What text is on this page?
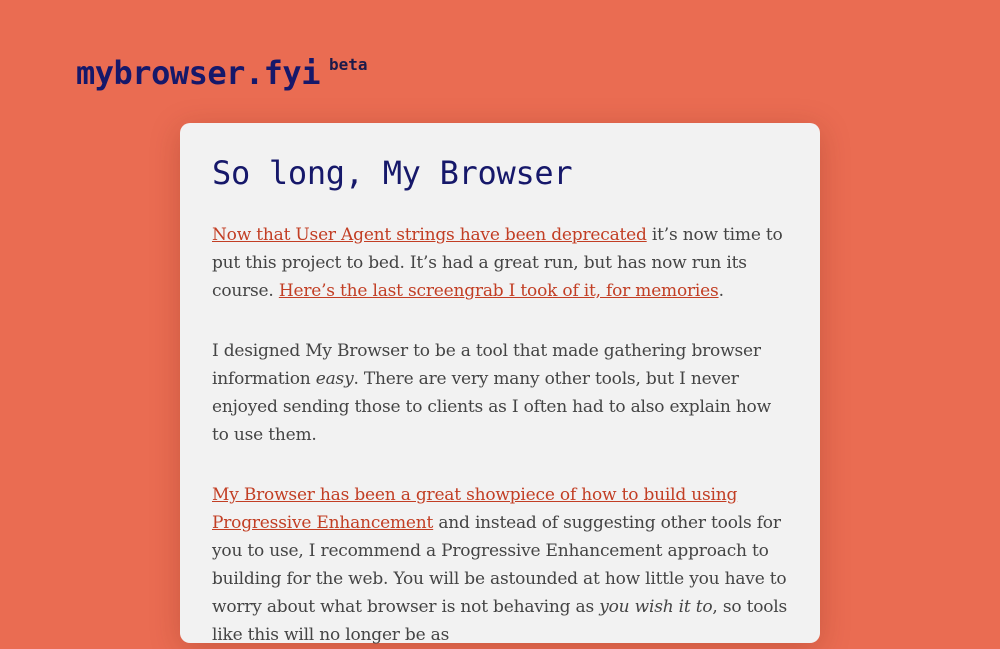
mybrowser.fyi beta
So long, My Browser

Now that User Agent strings have been deprecated it’s now time to put this project to bed. It’s had a great run, but has now run its course. Here’s the last screengrab I took of it, for memories.

I designed My Browser to be a tool that made gathering browser information easy. There are very many other tools, but I never enjoyed sending those to clients as I often had to also explain how to use them.

My Browser has been a great showpiece of how to build using Progressive Enhancement and instead of suggesting other tools for you to use, I recommend a Progressive Enhancement approach to building for the web. You will be astounded at how little you have to worry about what browser is not behaving as you wish it to, so tools like this will no longer be as
